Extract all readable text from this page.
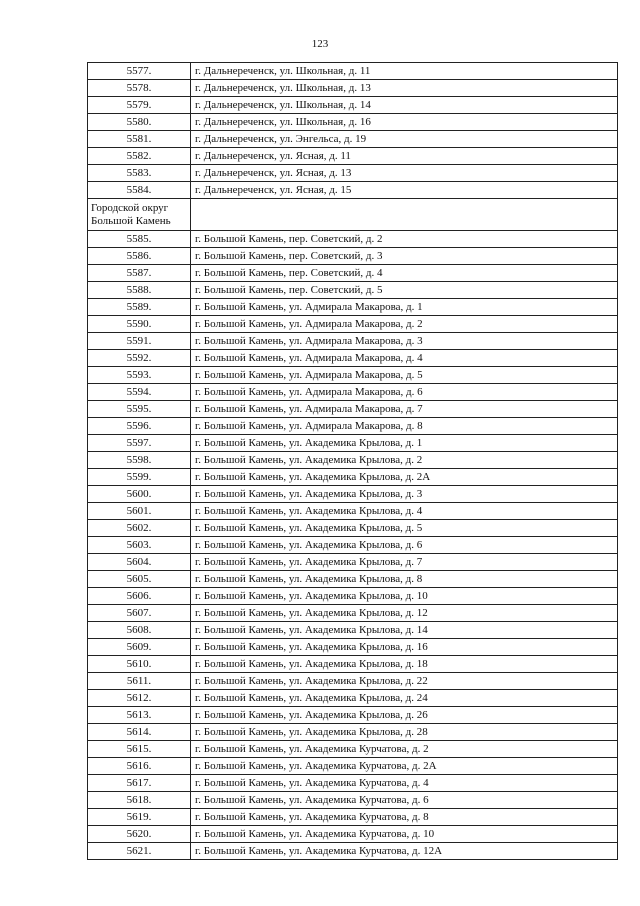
123
5577.	г. Дальнереченск, ул. Школьная, д. 11
5578.	г. Дальнереченск, ул. Школьная, д. 13
5579.	г. Дальнереченск, ул. Школьная, д. 14
5580.	г. Дальнереченск, ул. Школьная, д. 16
5581.	г. Дальнереченск, ул. Энгельса, д. 19
5582.	г. Дальнереченск, ул. Ясная, д. 11
5583.	г. Дальнереченск, ул. Ясная, д. 13
5584.	г. Дальнереченск, ул. Ясная, д. 15

Городской округ
Большой Камень	

5585.	г. Большой Камень, пер. Советский, д. 2
5586.	г. Большой Камень, пер. Советский, д. 3
5587.	г. Большой Камень, пер. Советский, д. 4
5588.	г. Большой Камень, пер. Советский, д. 5
5589.	г. Большой Камень, ул. Адмирала Макарова, д. 1
5590.	г. Большой Камень, ул. Адмирала Макарова, д. 2
5591.	г. Большой Камень, ул. Адмирала Макарова, д. 3
5592.	г. Большой Камень, ул. Адмирала Макарова, д. 4
5593.	г. Большой Камень, ул. Адмирала Макарова, д. 5
5594.	г. Большой Камень, ул. Адмирала Макарова, д. 6
5595.	г. Большой Камень, ул. Адмирала Макарова, д. 7
5596.	г. Большой Камень, ул. Адмирала Макарова, д. 8
5597.	г. Большой Камень, ул. Академика Крылова, д. 1
5598.	г. Большой Камень, ул. Академика Крылова, д. 2
5599.	г. Большой Камень, ул. Академика Крылова, д. 2А
5600.	г. Большой Камень, ул. Академика Крылова, д. 3
5601.	г. Большой Камень, ул. Академика Крылова, д. 4
5602.	г. Большой Камень, ул. Академика Крылова, д. 5
5603.	г. Большой Камень, ул. Академика Крылова, д. 6
5604.	г. Большой Камень, ул. Академика Крылова, д. 7
5605.	г. Большой Камень, ул. Академика Крылова, д. 8
5606.	г. Большой Камень, ул. Академика Крылова, д. 10
5607.	г. Большой Камень, ул. Академика Крылова, д. 12
5608.	г. Большой Камень, ул. Академика Крылова, д. 14
5609.	г. Большой Камень, ул. Академика Крылова, д. 16
5610.	г. Большой Камень, ул. Академика Крылова, д. 18
5611.	г. Большой Камень, ул. Академика Крылова, д. 22
5612.	г. Большой Камень, ул. Академика Крылова, д. 24
5613.	г. Большой Камень, ул. Академика Крылова, д. 26
5614.	г. Большой Камень, ул. Академика Крылова, д. 28
5615.	г. Большой Камень, ул. Академика Курчатова, д. 2
5616.	г. Большой Камень, ул. Академика Курчатова, д. 2А
5617.	г. Большой Камень, ул. Академика Курчатова, д. 4
5618.	г. Большой Камень, ул. Академика Курчатова, д. 6
5619.	г. Большой Камень, ул. Академика Курчатова, д. 8
5620.	г. Большой Камень, ул. Академика Курчатова, д. 10
5621.	г. Большой Камень, ул. Академика Курчатова, д. 12А
